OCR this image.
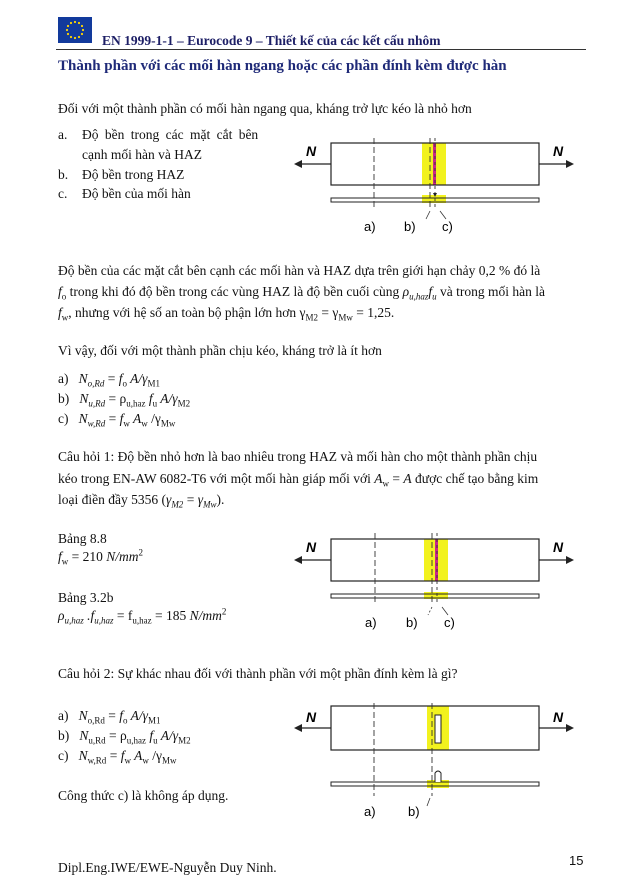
EN 1999-1-1 – Eurocode 9 – Thiết kế của các kết cấu nhôm
Thành phần với các mối hàn ngang hoặc các phần đính kèm được hàn
Đối với một thành phần có mối hàn ngang qua, kháng trở lực kéo là nhỏ hơn
a. Độ bền trong các mặt cắt bên
cạnh mối hàn và HAZ
b. Độ bền trong HAZ
c. Độ bền của mối hàn
N	N
a) b) c)
Độ bền của các mặt cắt bên cạnh các mối hàn và HAZ dựa trên giới hạn chảy 0,2 % đó là
$f_o$ trong khi đó độ bền trong các vùng HAZ là độ bền cuối cùng $\rho_{u,haz}f_u$ và trong mối hàn là
$f_w$, nhưng với hệ số an toàn bộ phận lớn hơn $\gamma_{M2} = \gamma_{Mw} = 1,25$.
Vì vậy, đối với một thành phần chịu kéo, kháng trở là ít hơn
a) $N_{o,Rd} = f_o$ $A/\gamma_{M1}$
b) $N_{u,Rd} = \rho_{u,haz}$ $f_u$ $A/\gamma_{M2}$
c) $N_{w,Rd} = f_w$ $A_w$ $/\gamma_{Mw}$
Câu hỏi 1: Độ bền nhỏ hơn là bao nhiêu trong HAZ và mối hàn cho một thành phần chịu
kéo trong EN-AW 6082-T6 với một mối hàn giáp mối với $A_w = A$ được chế tạo bằng kim
loại điền đầy 5356 $(\gamma_{M2} = \gamma_{Mw})$.
Bảng 8.8
$f_w = 210$ $N/mm^2$
Bảng 3.2b
$\rho_{u,haz}$ $.f_{u,haz} = f_{u,haz} = 185$ $N/mm^2$
N	N
a) b) c)
Câu hỏi 2: Sự khác nhau đối với thành phần với một phần đính kèm là gì?
a) $N_{o,Rd} = f_o$ $A/\gamma_{M1}$
b) $N_{u,Rd} = \rho_{u,haz}$ $f_u$ $A/\gamma_{M2}$
c) $N_{w,Rd} = f_w$ $A_w$ $/\gamma_{Mw}$
Công thức c) là không áp dụng.
N	N
a) b)
Dipl.Eng.IWE/EWE-Nguyễn Duy Ninh.	15
